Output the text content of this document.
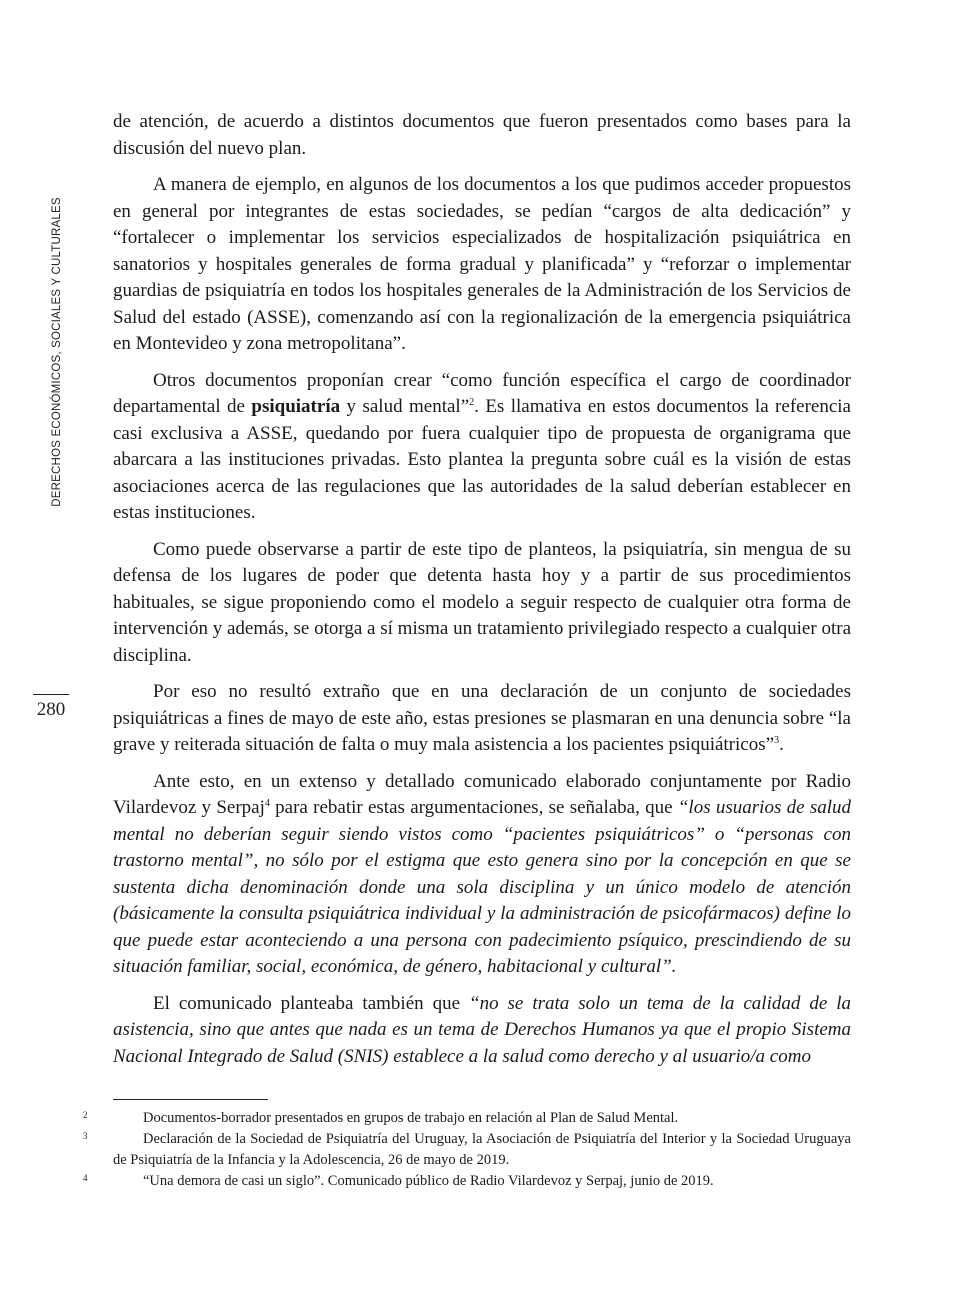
DERECHOS ECONÓMICOS, SOCIALES Y CULTURALES
280

de atención, de acuerdo a distintos documentos que fueron presentados como bases para la discusión del nuevo plan.

A manera de ejemplo, en algunos de los documentos a los que pudimos acceder propuestos en general por integrantes de estas sociedades, se pedían “cargos de alta dedicación” y “fortalecer o implementar los servicios especializados de hospitalización psiquiátrica en sanatorios y hospitales generales de forma gradual y planificada” y “reforzar o implementar guardias de psiquiatría en todos los hospitales generales de la Administración de los Servicios de Salud del estado (ASSE), comenzando así con la regionalización de la emergencia psiquiátrica en Montevideo y zona metropolitana”.

Otros documentos proponían crear “como función específica el cargo de coordinador departamental de psiquiatría y salud mental”$^2$. Es llamativa en estos documentos la referencia casi exclusiva a ASSE, quedando por fuera cualquier tipo de propuesta de organigrama que abarcara a las instituciones privadas. Esto plantea la pregunta sobre cuál es la visión de estas asociaciones acerca de las regulaciones que las autoridades de la salud deberían establecer en estas instituciones.

Como puede observarse a partir de este tipo de planteos, la psiquiatría, sin mengua de su defensa de los lugares de poder que detenta hasta hoy y a partir de sus procedimientos habituales, se sigue proponiendo como el modelo a seguir respecto de cualquier otra forma de intervención y además, se otorga a sí misma un tratamiento privilegiado respecto a cualquier otra disciplina.

Por eso no resultó extraño que en una declaración de un conjunto de sociedades psiquiátricas a fines de mayo de este año, estas presiones se plasmaran en una denuncia sobre “la grave y reiterada situación de falta o muy mala asistencia a los pacientes psiquiátricos”$^3$.

Ante esto, en un extenso y detallado comunicado elaborado conjuntamente por Radio Vilardevoz y Serpaj$^4$ para rebatir estas argumentaciones, se señalaba, que “los usuarios de salud mental no deberían seguir siendo vistos como “pacientes psiquiátricos” o “personas con trastorno mental”, no sólo por el estigma que esto genera sino por la concepción en que se sustenta dicha denominación donde una sola disciplina y un único modelo de atención (básicamente la consulta psiquiátrica individual y la administración de psicofármacos) define lo que puede estar aconteciendo a una persona con padecimiento psíquico, prescindiendo de su situación familiar, social, económica, de género, habitacional y cultural”.

El comunicado planteaba también que “no se trata solo un tema de la calidad de la asistencia, sino que antes que nada es un tema de Derechos Humanos ya que el propio Sistema Nacional Integrado de Salud (SNIS) establece a la salud como derecho y al usuario/a como

2	Documentos-borrador presentados en grupos de trabajo en relación al Plan de Salud Mental.

3	Declaración de la Sociedad de Psiquiatría del Uruguay, la Asociación de Psiquiatría del Interior y la Sociedad Uruguaya de Psiquiatría de la Infancia y la Adolescencia, 26 de mayo de 2019.

4	“Una demora de casi un siglo”. Comunicado público de Radio Vilardevoz y Serpaj, junio de 2019.
